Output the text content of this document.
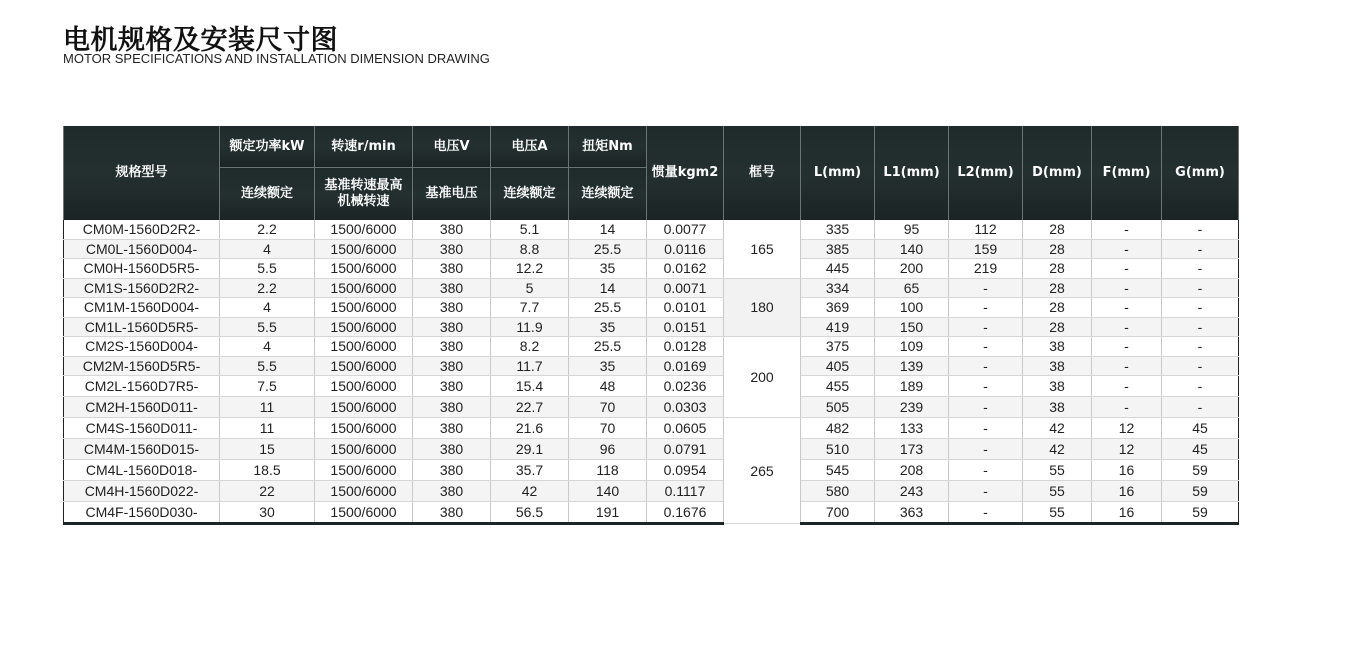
电机规格及安装尺寸图
MOTOR SPECIFICATIONS AND INSTALLATION DIMENSION DRAWING
规格型号	额定功率kW	转速r/min	电压V	电压A	扭矩Nm	惯量kgm2	框号	L(mm)	L1(mm)	L2(mm)	D(mm)	F(mm)	G(mm)
	连续额定	基准转速最高机械转速	基准电压	连续额定	连续额定								
CM0M-1560D2R2-	2.2	1500/6000	380	5.1	14	0.0077	165	335	95	112	28	-	-
CM0L-1560D004-	4	1500/6000	380	8.8	25.5	0.0116		385	140	159	28	-	-
CM0H-1560D5R5-	5.5	1500/6000	380	12.2	35	0.0162		445	200	219	28	-	-
CM1S-1560D2R2-	2.2	1500/6000	380	5	14	0.0071	180	334	65	-	28	-	-
CM1M-1560D004-	4	1500/6000	380	7.7	25.5	0.0101		369	100	-	28	-	-
CM1L-1560D5R5-	5.5	1500/6000	380	11.9	35	0.0151		419	150	-	28	-	-
CM2S-1560D004-	4	1500/6000	380	8.2	25.5	0.0128	200	375	109	-	38	-	-
CM2M-1560D5R5-	5.5	1500/6000	380	11.7	35	0.0169		405	139	-	38	-	-
CM2L-1560D7R5-	7.5	1500/6000	380	15.4	48	0.0236		455	189	-	38	-	-
CM2H-1560D011-	11	1500/6000	380	22.7	70	0.0303		505	239	-	38	-	-
CM4S-1560D011-	11	1500/6000	380	21.6	70	0.0605	265	482	133	-	42	12	45
CM4M-1560D015-	15	1500/6000	380	29.1	96	0.0791		510	173	-	42	12	45
CM4L-1560D018-	18.5	1500/6000	380	35.7	118	0.0954		545	208	-	55	16	59
CM4H-1560D022-	22	1500/6000	380	42	140	0.1117		580	243	-	55	16	59
CM4F-1560D030-	30	1500/6000	380	56.5	191	0.1676		700	363	-	55	16	59
